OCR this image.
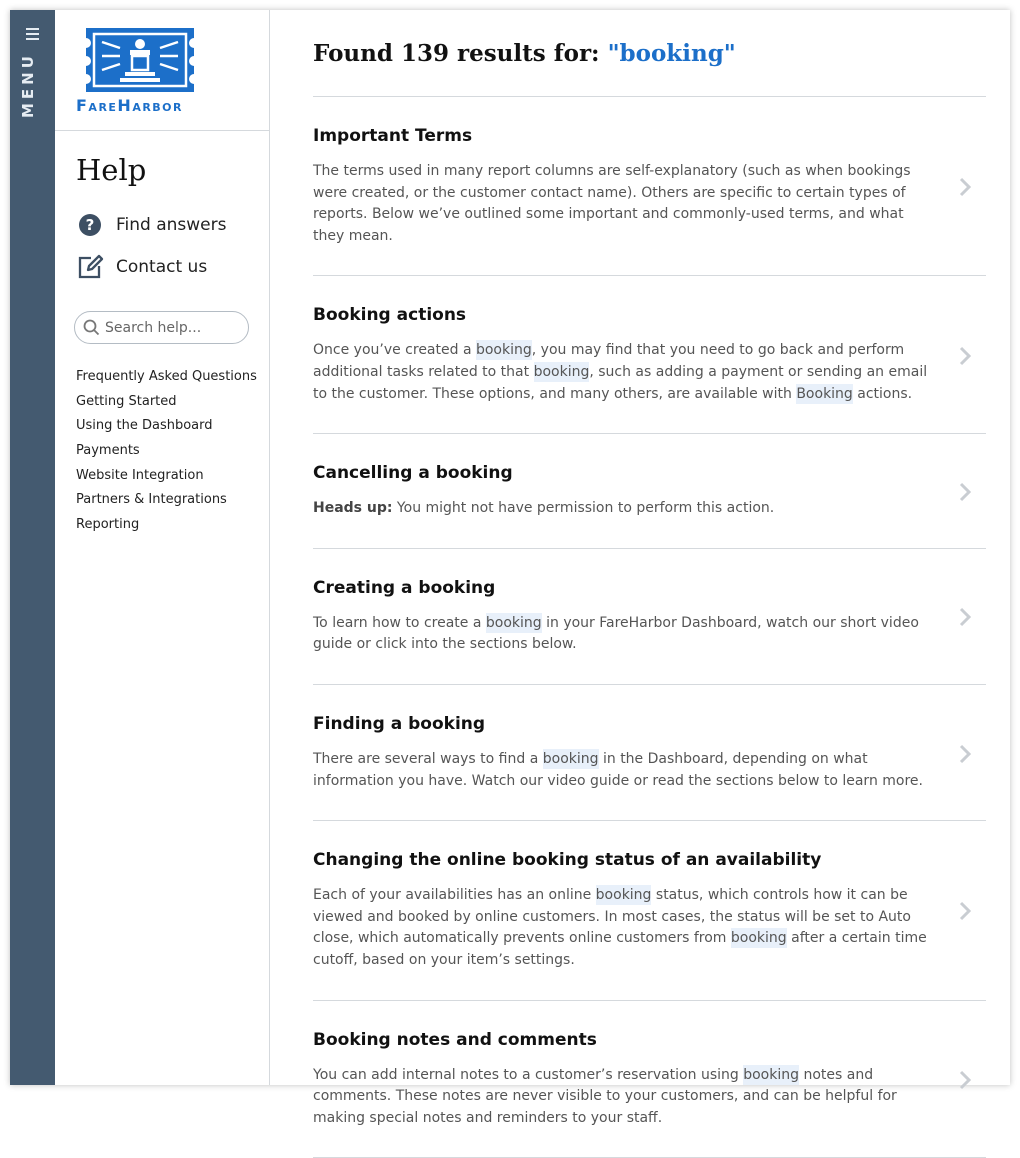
MENU FareHarbor
Help
? Find answers
Contact us
Search help...
Frequently Asked Questions
Getting Started
Using the Dashboard
Payments
Website Integration
Partners & Integrations
Reporting
Found 139 results for: "booking"
Important Terms

The terms used in many report columns are self-explanatory (such as when bookings were created, or the customer contact name). Others are specific to certain types of reports. Below we’ve outlined some important and commonly-used terms, and what they mean.

Booking actions

Once you’ve created a booking, you may find that you need to go back and perform additional tasks related to that booking, such as adding a payment or sending an email to the customer. These options, and many others, are available with Booking actions.

Cancelling a booking

Heads up: You might not have permission to perform this action.

Creating a booking

To learn how to create a booking in your FareHarbor Dashboard, watch our short video guide or click into the sections below.

Finding a booking

There are several ways to find a booking in the Dashboard, depending on what information you have. Watch our video guide or read the sections below to learn more.

Changing the online booking status of an availability

Each of your availabilities has an online booking status, which controls how it can be viewed and booked by online customers. In most cases, the status will be set to Auto close, which automatically prevents online customers from booking after a certain time cutoff, based on your item’s settings.

Booking notes and comments

You can add internal notes to a customer’s reservation using booking notes and comments. These notes are never visible to your customers, and can be helpful for making special notes and reminders to your staff.
